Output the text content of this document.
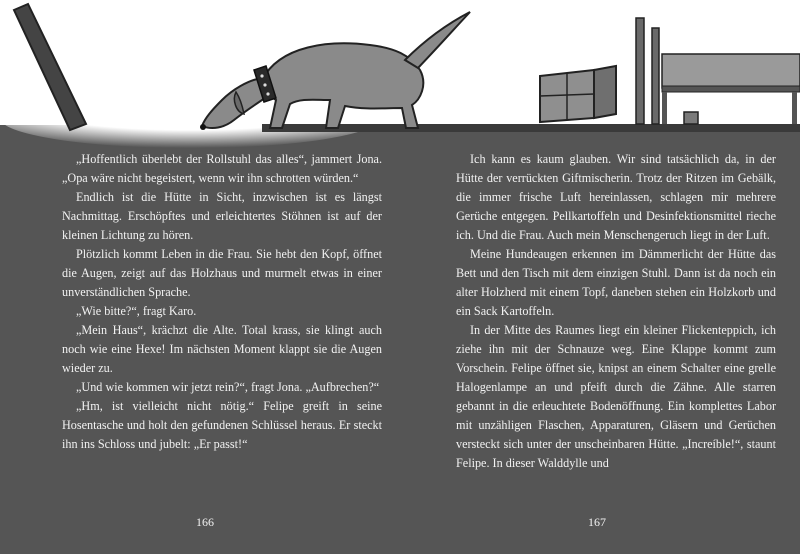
„Hoffentlich überlebt der Rollstuhl das alles“, jammert Jona. „Opa wäre nicht begeistert, wenn wir ihn schrotten würden.“

Endlich ist die Hütte in Sicht, inzwischen ist es längst Nachmittag. Erschöpftes und erleichtertes Stöhnen ist auf der kleinen Lichtung zu hören.

Plötzlich kommt Leben in die Frau. Sie hebt den Kopf, öffnet die Augen, zeigt auf das Holzhaus und murmelt etwas in einer unverständlichen Sprache.

„Wie bitte?“, fragt Karo.

„Mein Haus“, krächzt die Alte. Total krass, sie klingt auch noch wie eine Hexe! Im nächsten Moment klappt sie die Augen wieder zu.

„Und wie kommen wir jetzt rein?“, fragt Jona. „Aufbrechen?“

„Hm, ist vielleicht nicht nötig.“ Felipe greift in seine Hosentasche und holt den gefundenen Schlüssel heraus. Er steckt ihn ins Schloss und jubelt: „Er passt!“

Ich kann es kaum glauben. Wir sind tatsächlich da, in der Hütte der verrückten Giftmischerin. Trotz der Ritzen im Gebälk, die immer frische Luft hereinlassen, schlagen mir mehrere Gerüche entgegen. Pellkartoffeln und Desinfektionsmittel rieche ich. Und die Frau. Auch mein Menschengeruch liegt in der Luft.

Meine Hundeaugen erkennen im Dämmerlicht der Hütte das Bett und den Tisch mit dem einzigen Stuhl. Dann ist da noch ein alter Holzherd mit einem Topf, daneben stehen ein Holzkorb und ein Sack Kartoffeln.

In der Mitte des Raumes liegt ein kleiner Flickenteppich, ich ziehe ihn mit der Schnauze weg. Eine Klappe kommt zum Vorschein. Felipe öffnet sie, knipst an einem Schalter eine grelle Halogenlampe an und pfeift durch die Zähne. Alle starren gebannt in die erleuchtete Bodenöffnung. Ein komplettes Labor mit unzähligen Flaschen, Apparaturen, Gläsern und Gerüchen versteckt sich unter der unscheinbaren Hütte. „Increíble!“, staunt Felipe. In dieser Walddylle und

166	167
